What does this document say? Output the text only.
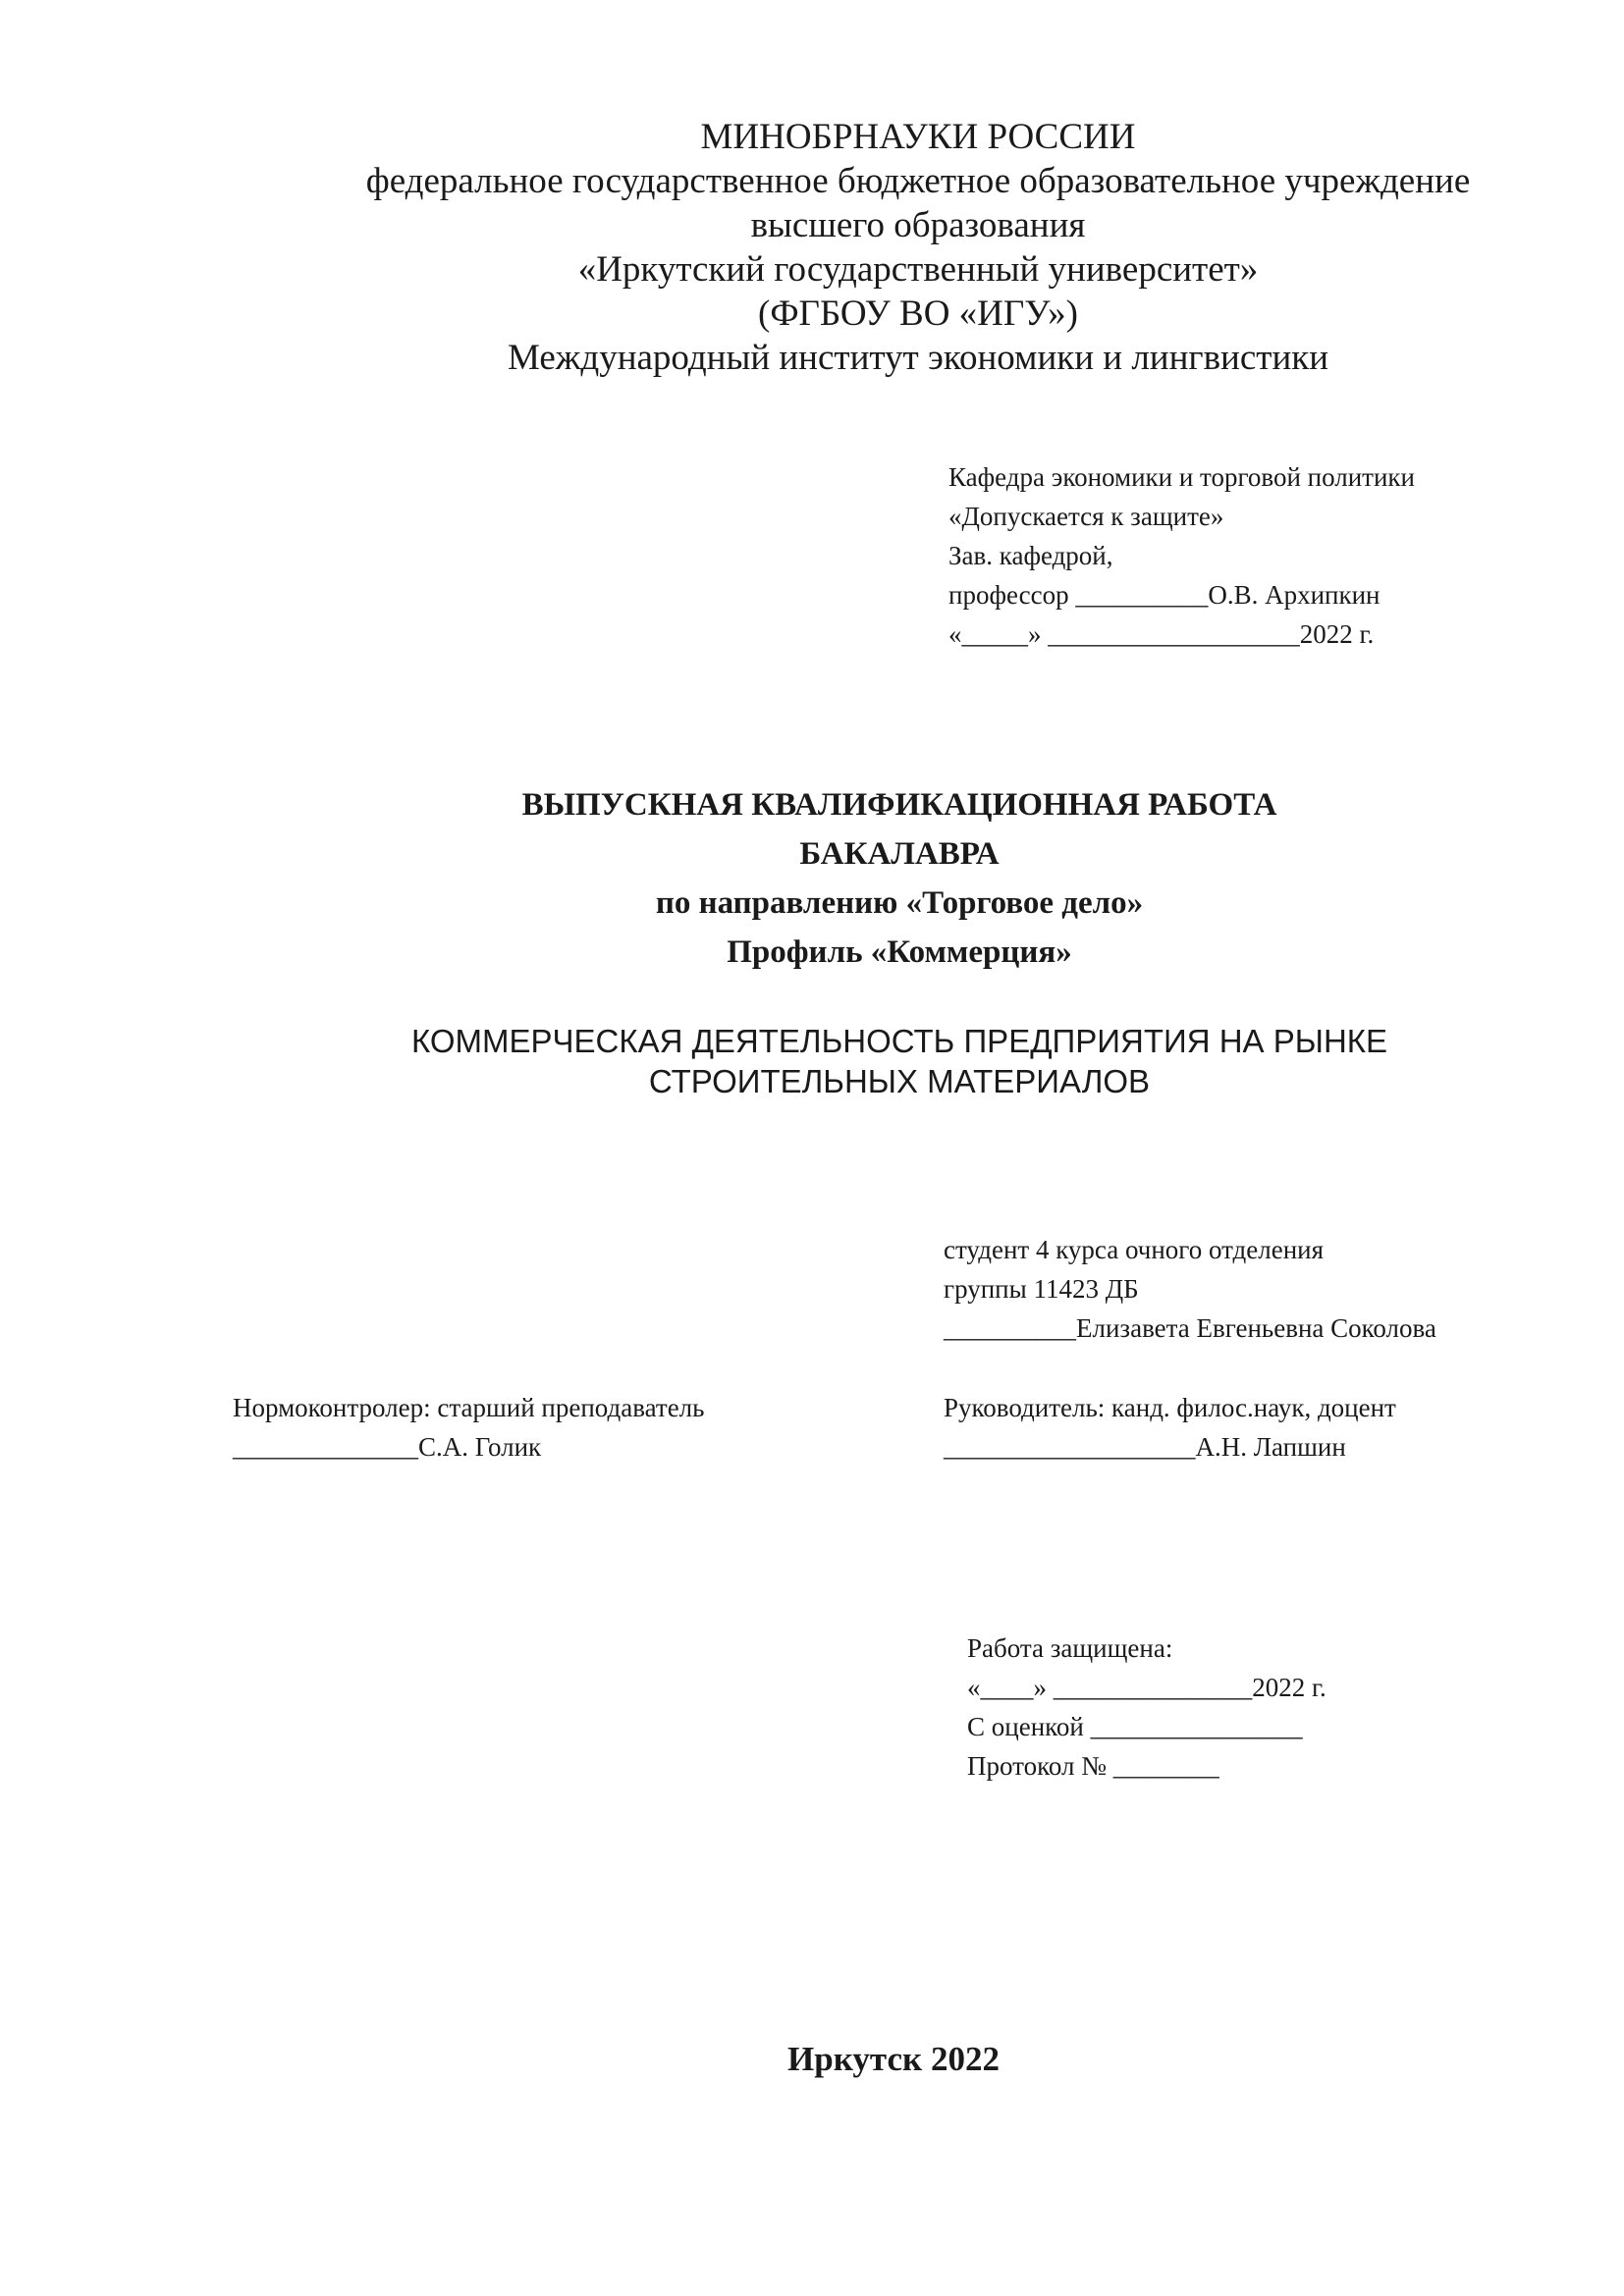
МИНОБРНАУКИ РОССИИ
федеральное государственное бюджетное образовательное учреждение
высшего образования
«Иркутский государственный университет»
(ФГБОУ ВО «ИГУ»)
Международный институт экономики и лингвистики
Кафедра экономики и торговой политики
«Допускается к защите»
Зав. кафедрой,
профессор __________О.В. Архипкин
«_____» ___________________2022 г.
ВЫПУСКНАЯ КВАЛИФИКАЦИОННАЯ РАБОТА
БАКАЛАВРА
по направлению «Торговое дело»
Профиль «Коммерция»
КОММЕРЧЕСКАЯ ДЕЯТЕЛЬНОСТЬ ПРЕДПРИЯТИЯ НА РЫНКЕ
СТРОИТЕЛЬНЫХ МАТЕРИАЛОВ
студент 4 курса очного отделения
группы 11423 ДБ
__________Елизавета Евгеньевна Соколова
Нормоконтролер: старший преподаватель
______________С.А. Голик
Руководитель: канд. филос.наук, доцент
___________________А.Н. Лапшин
Работа защищена:
«____» _______________2022 г.
С оценкой ________________
Протокол № ________
Иркутск 2022
